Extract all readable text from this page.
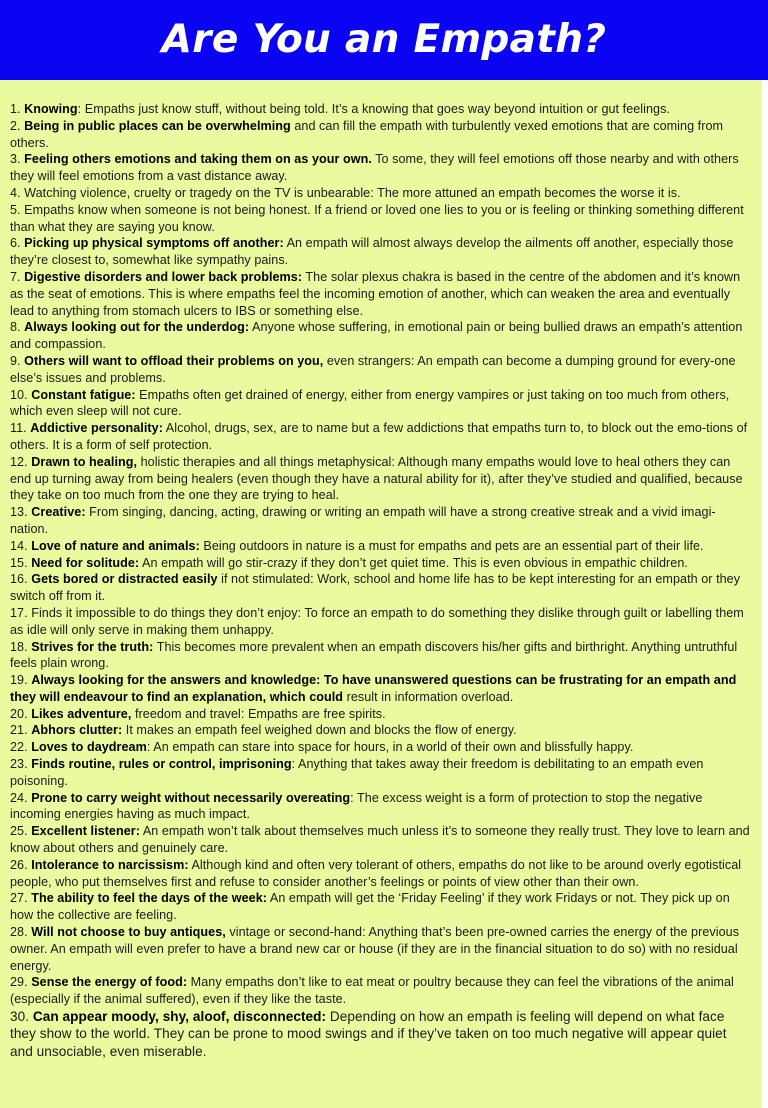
Are You an Empath?

1. Knowing: Empaths just know stuff, without being told. It’s a knowing that goes way beyond intuition or gut feelings.

2. Being in public places can be overwhelming and can fill the empath with turbulently vexed emotions that are coming from others.

3. Feeling others emotions and taking them on as your own. To some, they will feel emotions off those nearby and with others they will feel emotions from a vast distance away.

4. Watching violence, cruelty or tragedy on the TV is unbearable: The more attuned an empath becomes the worse it is.

5. Empaths know when someone is not being honest. If a friend or loved one lies to you or is feeling or thinking something different than what they are saying you know.

6. Picking up physical symptoms off another: An empath will almost always develop the ailments off another, especially those they’re closest to, somewhat like sympathy pains.

7. Digestive disorders and lower back problems: The solar plexus chakra is based in the centre of the abdomen and it’s known as the seat of emotions. This is where empaths feel the incoming emotion of another, which can weaken the area and eventually lead to anything from stomach ulcers to IBS or something else.

8. Always looking out for the underdog: Anyone whose suffering, in emotional pain or being bullied draws an empath’s attention and compassion.

9. Others will want to offload their problems on you, even strangers: An empath can become a dumping ground for every-one else’s issues and problems.

10. Constant fatigue: Empaths often get drained of energy, either from energy vampires or just taking on too much from others, which even sleep will not cure.

11. Addictive personality: Alcohol, drugs, sex, are to name but a few addictions that empaths turn to, to block out the emo-tions of others. It is a form of self protection.

12. Drawn to healing, holistic therapies and all things metaphysical: Although many empaths would love to heal others they can end up turning away from being healers (even though they have a natural ability for it), after they’ve studied and qualified, because they take on too much from the one they are trying to heal.

13. Creative: From singing, dancing, acting, drawing or writing an empath will have a strong creative streak and a vivid imagi-nation.

14. Love of nature and animals: Being outdoors in nature is a must for empaths and pets are an essential part of their life.

15. Need for solitude: An empath will go stir-crazy if they don’t get quiet time. This is even obvious in empathic children.

16. Gets bored or distracted easily if not stimulated: Work, school and home life has to be kept interesting for an empath or they switch off from it.

17. Finds it impossible to do things they don’t enjoy: To force an empath to do something they dislike through guilt or labelling them as idle will only serve in making them unhappy.

18. Strives for the truth: This becomes more prevalent when an empath discovers his/her gifts and birthright. Anything untruthful feels plain wrong.

19. Always looking for the answers and knowledge: To have unanswered questions can be frustrating for an empath and they will endeavour to find an explanation, which could result in information overload.

20. Likes adventure, freedom and travel: Empaths are free spirits.

21. Abhors clutter: It makes an empath feel weighed down and blocks the flow of energy.

22. Loves to daydream: An empath can stare into space for hours, in a world of their own and blissfully happy.

23. Finds routine, rules or control, imprisoning: Anything that takes away their freedom is debilitating to an empath even poisoning.

24. Prone to carry weight without necessarily overeating: The excess weight is a form of protection to stop the negative incoming energies having as much impact.

25. Excellent listener: An empath won’t talk about themselves much unless it’s to someone they really trust. They love to learn and know about others and genuinely care.

26. Intolerance to narcissism: Although kind and often very tolerant of others, empaths do not like to be around overly egotistical people, who put themselves first and refuse to consider another’s feelings or points of view other than their own.

27. The ability to feel the days of the week: An empath will get the ‘Friday Feeling’ if they work Fridays or not. They pick up on how the collective are feeling.

28. Will not choose to buy antiques, vintage or second-hand: Anything that’s been pre-owned carries the energy of the previous owner. An empath will even prefer to have a brand new car or house (if they are in the financial situation to do so) with no residual energy.

29. Sense the energy of food: Many empaths don’t like to eat meat or poultry because they can feel the vibrations of the animal (especially if the animal suffered), even if they like the taste.

30. Can appear moody, shy, aloof, disconnected: Depending on how an empath is feeling will depend on what face they show to the world. They can be prone to mood swings and if they’ve taken on too much negative will appear quiet and unsociable, even miserable.
